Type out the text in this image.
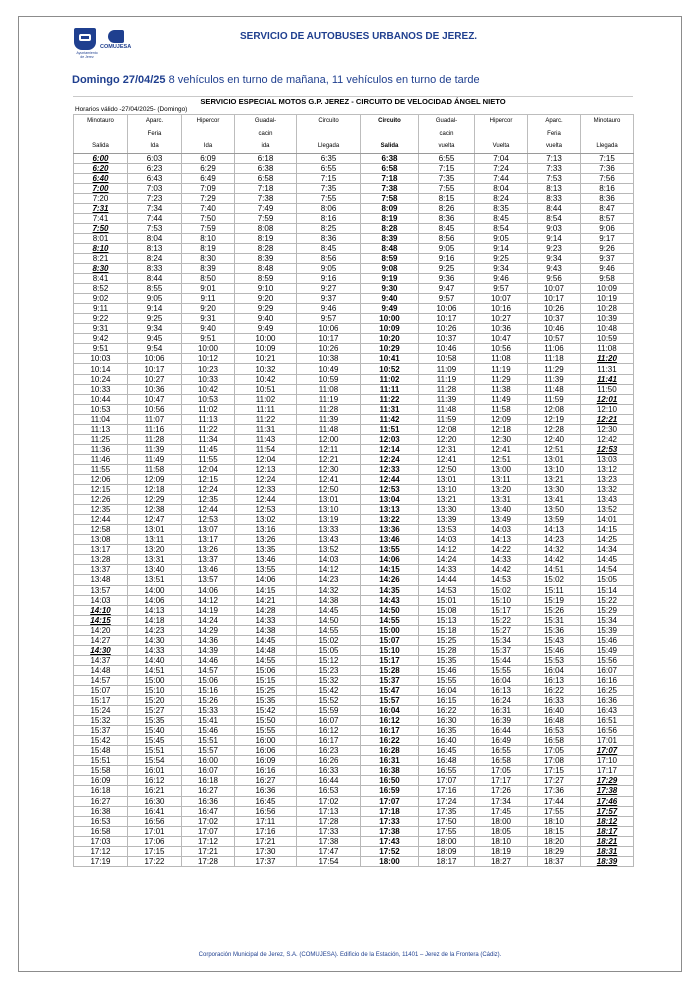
Ayuntamiento de Jerez
COMUJESA
SERVICIO DE AUTOBUSES URBANOS DE JEREZ.
Domingo 27/04/25 8 vehículos en turno de mañana, 11 vehículos en turno de tarde
SERVICIO ESPECIAL MOTOS G.P. JEREZ - CIRCUITO DE VELOCIDAD ÁNGEL NIETO
Horarios válido -27/04/2025- (Domingo)
Minotauro	Aparc.	Hipercor	Guadal-	Circuito	Circuito	Guadal-	Hipercor	Aparc.	Minotauro
	Feria		cacin			cacin		Feria	
Salida	Ida	Ida	ida	Llegada	Salida	vuelta	Vuelta	vuelta	Llegada
6:00	6:03	6:09	6:18	6:35	6:38	6:55	7:04	7:13	7:15
6:20	6:23	6:29	6:38	6:55	6:58	7:15	7:24	7:33	7:36
6:40	6:43	6:49	6:58	7:15	7:18	7:35	7:44	7:53	7:56
7:00	7:03	7:09	7:18	7:35	7:38	7:55	8:04	8:13	8:16
7:20	7:23	7:29	7:38	7:55	7:58	8:15	8:24	8:33	8:36
7:31	7:34	7:40	7:49	8:06	8:09	8:26	8:35	8:44	8:47
7:41	7:44	7:50	7:59	8:16	8:19	8:36	8:45	8:54	8:57
7:50	7:53	7:59	8:08	8:25	8:28	8:45	8:54	9:03	9:06
8:01	8:04	8:10	8:19	8:36	8:39	8:56	9:05	9:14	9:17
8:10	8:13	8:19	8:28	8:45	8:48	9:05	9:14	9:23	9:26
8:21	8:24	8:30	8:39	8:56	8:59	9:16	9:25	9:34	9:37
8:30	8:33	8:39	8:48	9:05	9:08	9:25	9:34	9:43	9:46
8:41	8:44	8:50	8:59	9:16	9:19	9:36	9:46	9:56	9:58
8:52	8:55	9:01	9:10	9:27	9:30	9:47	9:57	10:07	10:09
9:02	9:05	9:11	9:20	9:37	9:40	9:57	10:07	10:17	10:19
9:11	9:14	9:20	9:29	9:46	9:49	10:06	10:16	10:26	10:28
9:22	9:25	9:31	9:40	9:57	10:00	10:17	10:27	10:37	10:39
9:31	9:34	9:40	9:49	10:06	10:09	10:26	10:36	10:46	10:48
9:42	9:45	9:51	10:00	10:17	10:20	10:37	10:47	10:57	10:59
9:51	9:54	10:00	10:09	10:26	10:29	10:46	10:56	11:06	11:08
10:03	10:06	10:12	10:21	10:38	10:41	10:58	11:08	11:18	11:20
10:14	10:17	10:23	10:32	10:49	10:52	11:09	11:19	11:29	11:31
10:24	10:27	10:33	10:42	10:59	11:02	11:19	11:29	11:39	11:41
10:33	10:36	10:42	10:51	11:08	11:11	11:28	11:38	11:48	11:50
10:44	10:47	10:53	11:02	11:19	11:22	11:39	11:49	11:59	12:01
10:53	10:56	11:02	11:11	11:28	11:31	11:48	11:58	12:08	12:10
11:04	11:07	11:13	11:22	11:39	11:42	11:59	12:09	12:19	12:21
11:13	11:16	11:22	11:31	11:48	11:51	12:08	12:18	12:28	12:30
11:25	11:28	11:34	11:43	12:00	12:03	12:20	12:30	12:40	12:42
11:36	11:39	11:45	11:54	12:11	12:14	12:31	12:41	12:51	12:53
11:46	11:49	11:55	12:04	12:21	12:24	12:41	12:51	13:01	13:03
11:55	11:58	12:04	12:13	12:30	12:33	12:50	13:00	13:10	13:12
12:06	12:09	12:15	12:24	12:41	12:44	13:01	13:11	13:21	13:23
12:15	12:18	12:24	12:33	12:50	12:53	13:10	13:20	13:30	13:32
12:26	12:29	12:35	12:44	13:01	13:04	13:21	13:31	13:41	13:43
12:35	12:38	12:44	12:53	13:10	13:13	13:30	13:40	13:50	13:52
12:44	12:47	12:53	13:02	13:19	13:22	13:39	13:49	13:59	14:01
12:58	13:01	13:07	13:16	13:33	13:36	13:53	14:03	14:13	14:15
13:08	13:11	13:17	13:26	13:43	13:46	14:03	14:13	14:23	14:25
13:17	13:20	13:26	13:35	13:52	13:55	14:12	14:22	14:32	14:34
13:28	13:31	13:37	13:46	14:03	14:06	14:24	14:33	14:42	14:45
13:37	13:40	13:46	13:55	14:12	14:15	14:33	14:42	14:51	14:54
13:48	13:51	13:57	14:06	14:23	14:26	14:44	14:53	15:02	15:05
13:57	14:00	14:06	14:15	14:32	14:35	14:53	15:02	15:11	15:14
14:03	14:06	14:12	14:21	14:38	14:43	15:01	15:10	15:19	15:22
14:10	14:13	14:19	14:28	14:45	14:50	15:08	15:17	15:26	15:29
14:15	14:18	14:24	14:33	14:50	14:55	15:13	15:22	15:31	15:34
14:20	14:23	14:29	14:38	14:55	15:00	15:18	15:27	15:36	15:39
14:27	14:30	14:36	14:45	15:02	15:07	15:25	15:34	15:43	15:46
14:30	14:33	14:39	14:48	15:05	15:10	15:28	15:37	15:46	15:49
14:37	14:40	14:46	14:55	15:12	15:17	15:35	15:44	15:53	15:56
14:48	14:51	14:57	15:06	15:23	15:28	15:46	15:55	16:04	16:07
14:57	15:00	15:06	15:15	15:32	15:37	15:55	16:04	16:13	16:16
15:07	15:10	15:16	15:25	15:42	15:47	16:04	16:13	16:22	16:25
15:17	15:20	15:26	15:35	15:52	15:57	16:15	16:24	16:33	16:36
15:24	15:27	15:33	15:42	15:59	16:04	16:22	16:31	16:40	16:43
15:32	15:35	15:41	15:50	16:07	16:12	16:30	16:39	16:48	16:51
15:37	15:40	15:46	15:55	16:12	16:17	16:35	16:44	16:53	16:56
15:42	15:45	15:51	16:00	16:17	16:22	16:40	16:49	16:58	17:01
15:48	15:51	15:57	16:06	16:23	16:28	16:45	16:55	17:05	17:07
15:51	15:54	16:00	16:09	16:26	16:31	16:48	16:58	17:08	17:10
15:58	16:01	16:07	16:16	16:33	16:38	16:55	17:05	17:15	17:17
16:09	16:12	16:18	16:27	16:44	16:50	17:07	17:17	17:27	17:29
16:18	16:21	16:27	16:36	16:53	16:59	17:16	17:26	17:36	17:38
16:27	16:30	16:36	16:45	17:02	17:07	17:24	17:34	17:44	17:46
16:38	16:41	16:47	16:56	17:13	17:18	17:35	17:45	17:55	17:57
16:53	16:56	17:02	17:11	17:28	17:33	17:50	18:00	18:10	18:12
16:58	17:01	17:07	17:16	17:33	17:38	17:55	18:05	18:15	18:17
17:03	17:06	17:12	17:21	17:38	17:43	18:00	18:10	18:20	18:21
17:12	17:15	17:21	17:30	17:47	17:52	18:09	18:19	18:29	18:31
17:19	17:22	17:28	17:37	17:54	18:00	18:17	18:27	18:37	18:39
Corporación Municipal de Jerez, S.A. (COMUJESA). Edificio de la Estación, 11401 – Jerez de la Frontera (Cádiz).
